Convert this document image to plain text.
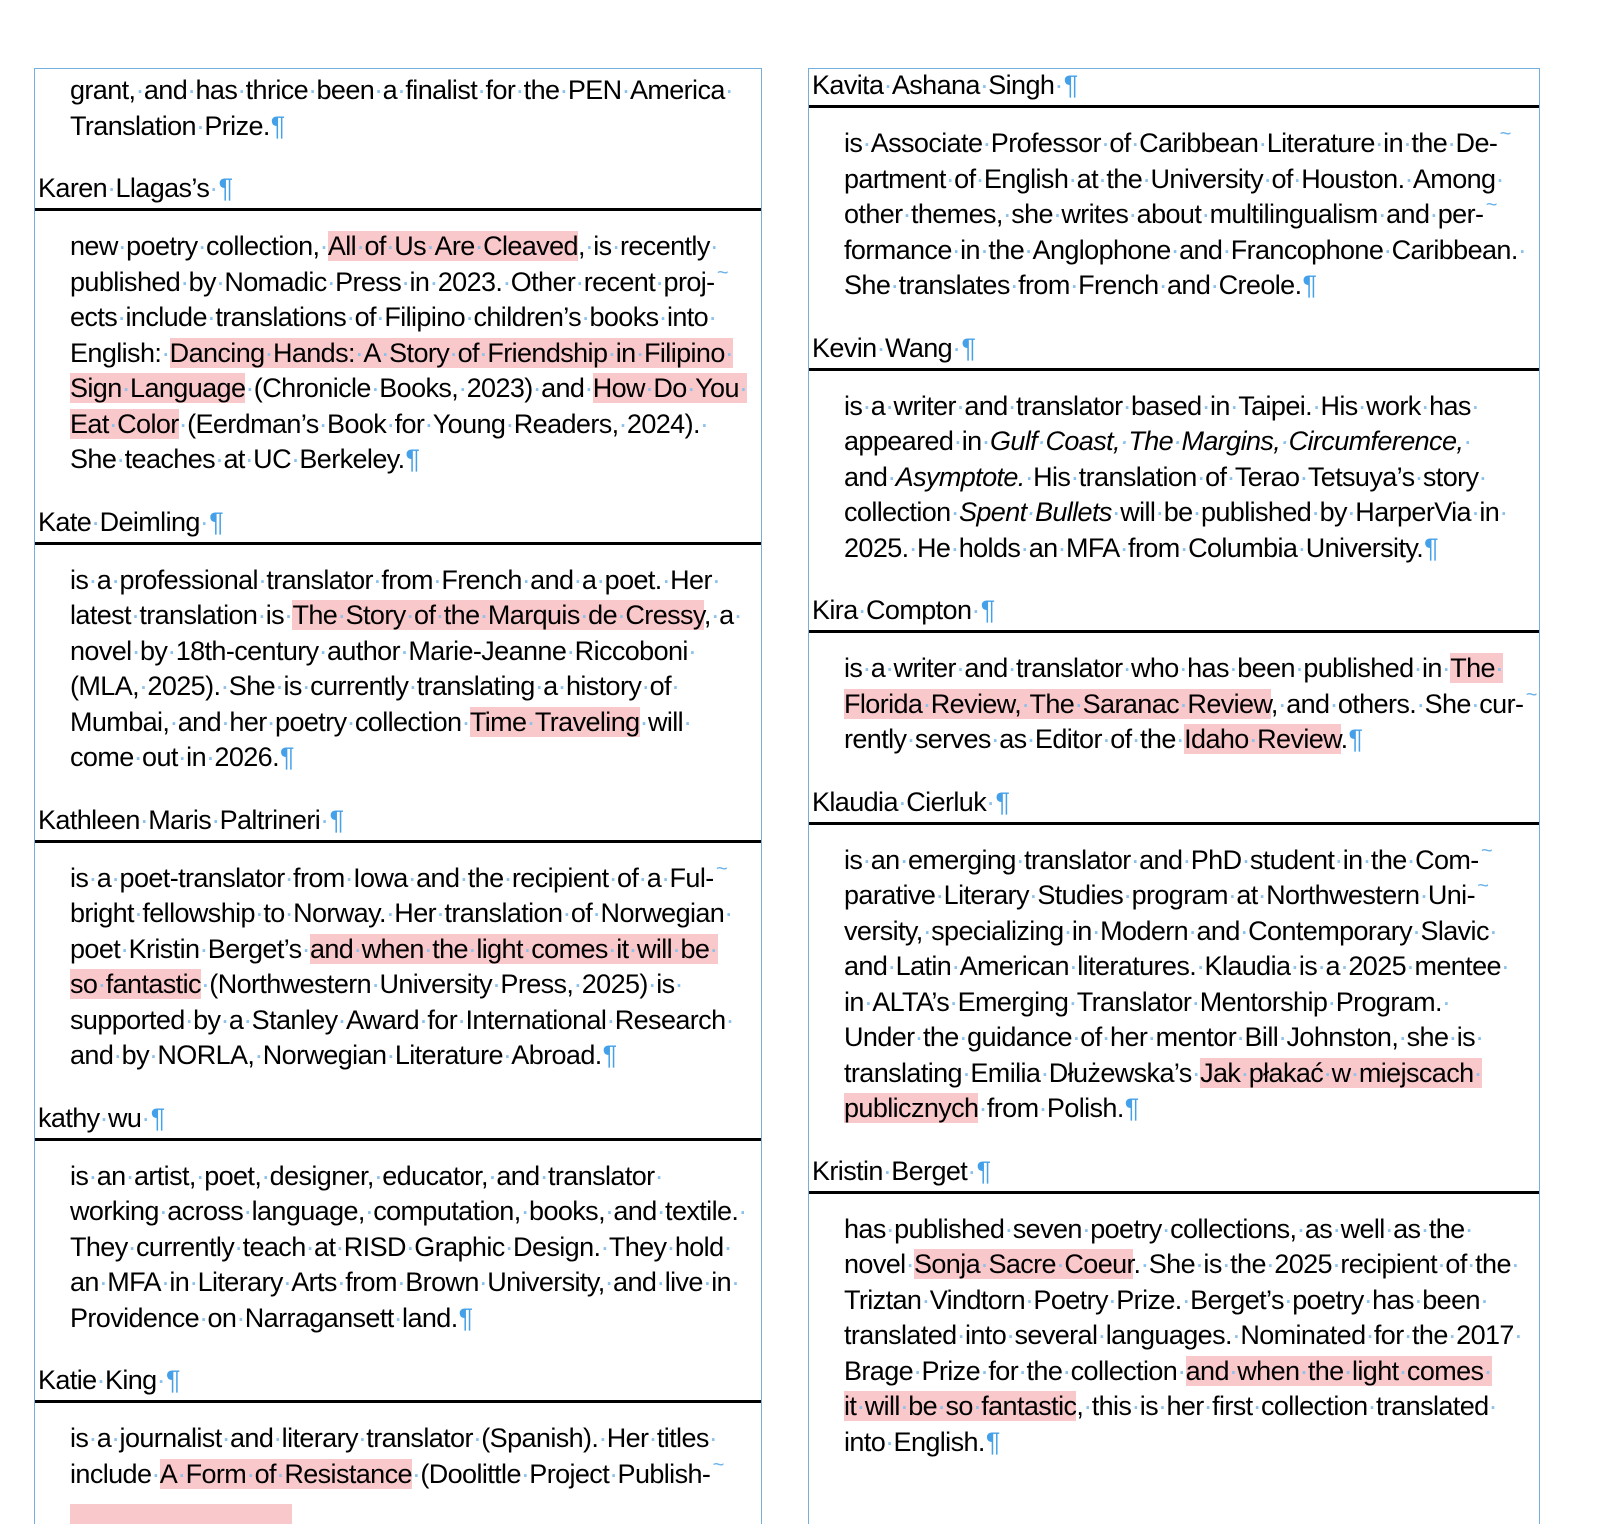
grant,·and·has·thrice·been·a·finalist·for·the·PEN·America·
Translation·Prize.¶
Karen·Llagas’s·¶
new·poetry·collection,·All·of·Us·Are·Cleaved,·is·recently·
published·by·Nomadic·Press·in·2023.·Other·recent·proj- ~
ects·include·translations·of·Filipino·children’s·books·into·
English:·Dancing·Hands:·A·Story·of·Friendship·in·Filipino·
Sign·Language·(Chronicle·Books,·2023)·and·How·Do·You·
Eat·Color·(Eerdman’s·Book·for·Young·Readers,·2024).·
She·teaches·at·UC·Berkeley.¶
Kate·Deimling·¶
is·a·professional·translator·from·French·and·a·poet.·Her·
latest·translation·is·The·Story·of·the·Marquis·de·Cressy,·a·
novel·by·18th-century·author·Marie-Jeanne·Riccoboni·
(MLA,·2025).·She·is·currently·translating·a·history·of·
Mumbai,·and·her·poetry·collection·Time·Traveling·will·
come·out·in·2026.¶
Kathleen·Maris·Paltrineri·¶
is·a·poet-translator·from·Iowa·and·the·recipient·of·a·Ful- ~
bright·fellowship·to·Norway.·Her·translation·of·Norwegian·
poet·Kristin·Berget’s·and·when·the·light·comes·it·will·be·
so·fantastic·(Northwestern·University·Press,·2025)·is·
supported·by·a·Stanley·Award·for·International·Research·
and·by·NORLA,·Norwegian·Literature·Abroad.¶
kathy·wu·¶
is·an·artist,·poet,·designer,·educator,·and·translator·
working·across·language,·computation,·books,·and·textile.·
They·currently·teach·at·RISD·Graphic·Design.·They·hold·
an·MFA·in·Literary·Arts·from·Brown·University,·and·live·in·
Providence·on·Narragansett·land.¶
Katie·King·¶
is·a·journalist·and·literary·translator·(Spanish).·Her·titles·
include·A·Form·of·Resistance·(Doolittle·Project·Publish- ~
Kavita·Ashana·Singh·¶
is·Associate·Professor·of·Caribbean·Literature·in·the·De- ~
partment·of·English·at·the·University·of·Houston.·Among·
other·themes,·she·writes·about·multilingualism·and·per- ~
formance·in·the·Anglophone·and·Francophone·Caribbean.·
She·translates·from·French·and·Creole.¶
Kevin·Wang·¶
is·a·writer·and·translator·based·in·Taipei.·His·work·has·
appeared·in·Gulf·Coast,·The·Margins,·Circumference,·
and·Asymptote.·His·translation·of·Terao·Tetsuya’s·story·
collection·Spent·Bullets·will·be·published·by·HarperVia·in·
2025.·He·holds·an·MFA·from·Columbia·University.¶
Kira·Compton·¶
is·a·writer·and·translator·who·has·been·published·in·The·
Florida·Review,·The·Saranac·Review,·and·others.·She·cur- ~
rently·serves·as·Editor·of·the·Idaho·Review.¶
Klaudia·Cierluk·¶
is·an·emerging·translator·and·PhD·student·in·the·Com- ~
parative·Literary·Studies·program·at·Northwestern·Uni- ~
versity,·specializing·in·Modern·and·Contemporary·Slavic·
and·Latin·American·literatures.·Klaudia·is·a·2025·mentee·
in·ALTA’s·Emerging·Translator·Mentorship·Program.·
Under·the·guidance·of·her·mentor·Bill·Johnston,·she·is·
translating·Emilia·Dłużewska’s·Jak·płakać·w·miejscach·
publicznych·from·Polish.¶
Kristin·Berget·¶
has·published·seven·poetry·collections,·as·well·as·the·
novel·Sonja·Sacre·Coeur.·She·is·the·2025·recipient·of·the·
Triztan·Vindtorn·Poetry·Prize.·Berget’s·poetry·has·been·
translated·into·several·languages.·Nominated·for·the·2017·
Brage·Prize·for·the·collection·and·when·the·light·comes·
it·will·be·so·fantastic,·this·is·her·first·collection·translated·
into·English.¶
